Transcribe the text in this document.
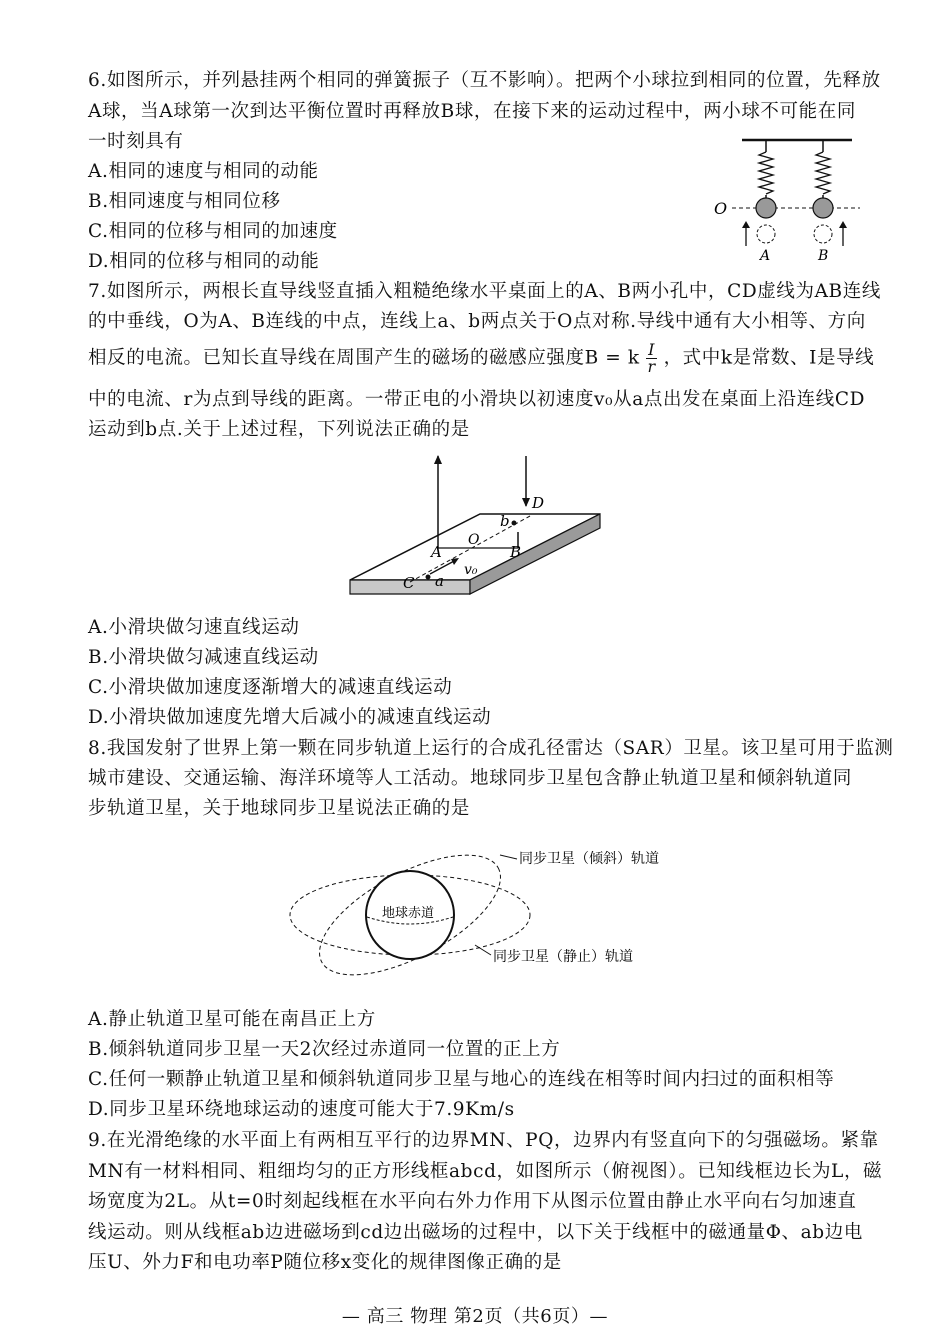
6.如图所示，并列悬挂两个相同的弹簧振子（互不影响）。把两个小球拉到相同的位置，先释放
A球，当A球第一次到达平衡位置时再释放B球，在接下来的运动过程中，两小球不可能在同
一时刻具有
A.相同的速度与相同的动能
B.相同速度与相同位移
C.相同的位移与相同的加速度
D.相同的位移与相同的动能
O
A	B
7.如图所示，两根长直导线竖直插入粗糙绝缘水平桌面上的A、B两小孔中，CD虚线为AB连线
的中垂线，O为A、B连线的中点，连线上a、b两点关于O点对称.导线中通有大小相等、方向
相反的电流。已知长直导线在周围产生的磁场的磁感应强度B = k $\frac{I}{r}$ ，式中k是常数、I是导线
中的电流、r为点到导线的距离。一带正电的小滑块以初速度v₀从a点出发在桌面上沿连线CD
运动到b点.关于上述过程，下列说法正确的是
A	B
O
C
D
a
b
v₀
A.小滑块做匀速直线运动
B.小滑块做匀减速直线运动
C.小滑块做加速度逐渐增大的减速直线运动
D.小滑块做加速度先增大后减小的减速直线运动
8.我国发射了世界上第一颗在同步轨道上运行的合成孔径雷达（SAR）卫星。该卫星可用于监测
城市建设、交通运输、海洋环境等人工活动。地球同步卫星包含静止轨道卫星和倾斜轨道同
步轨道卫星，关于地球同步卫星说法正确的是
地球赤道
同步卫星（倾斜）轨道
同步卫星（静止）轨道
A.静止轨道卫星可能在南昌正上方
B.倾斜轨道同步卫星一天2次经过赤道同一位置的正上方
C.任何一颗静止轨道卫星和倾斜轨道同步卫星与地心的连线在相等时间内扫过的面积相等
D.同步卫星环绕地球运动的速度可能大于7.9Km/s
9.在光滑绝缘的水平面上有两相互平行的边界MN、PQ，边界内有竖直向下的匀强磁场。紧靠
MN有一材料相同、粗细均匀的正方形线框abcd，如图所示（俯视图）。已知线框边长为L，磁
场宽度为2L。从t=0时刻起线框在水平向右外力作用下从图示位置由静止水平向右匀加速直
线运动。则从线框ab边进磁场到cd边出磁场的过程中，以下关于线框中的磁通量Φ、ab边电
压U、外力F和电功率P随位移x变化的规律图像正确的是
— 高三 物理 第2页（共6页）—
